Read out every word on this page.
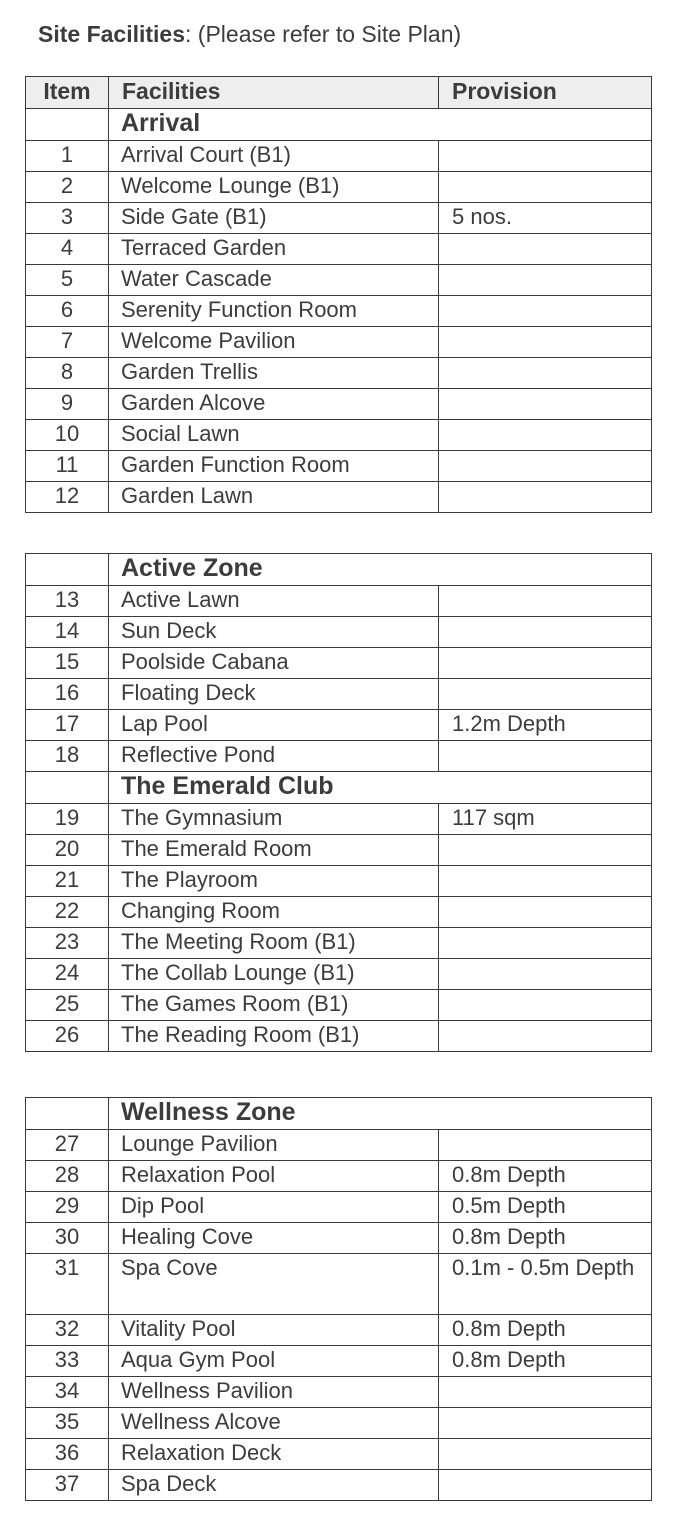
Site Facilities: (Please refer to Site Plan)
Item	Facilities	Provision
	Arrival	
1	Arrival Court (B1)	
2	Welcome Lounge (B1)	
3	Side Gate (B1)	5 nos.
4	Terraced Garden	
5	Water Cascade	
6	Serenity Function Room	
7	Welcome Pavilion	
8	Garden Trellis	
9	Garden Alcove	
10	Social Lawn	
11	Garden Function Room	
12	Garden Lawn	
	Active Zone	
13	Active Lawn	
14	Sun Deck	
15	Poolside Cabana	
16	Floating Deck	
17	Lap Pool	1.2m Depth
18	Reflective Pond	
	The Emerald Club	
19	The Gymnasium	117 sqm
20	The Emerald Room	
21	The Playroom	
22	Changing Room	
23	The Meeting Room (B1)	
24	The Collab Lounge (B1)	
25	The Games Room (B1)	
26	The Reading Room (B1)	
	Wellness Zone	
27	Lounge Pavilion	
28	Relaxation Pool	0.8m Depth
29	Dip Pool	0.5m Depth
30	Healing Cove	0.8m Depth
31	Spa Cove	0.1m - 0.5m Depth
32	Vitality Pool	0.8m Depth
33	Aqua Gym Pool	0.8m Depth
34	Wellness Pavilion	
35	Wellness Alcove	
36	Relaxation Deck	
37	Spa Deck	
